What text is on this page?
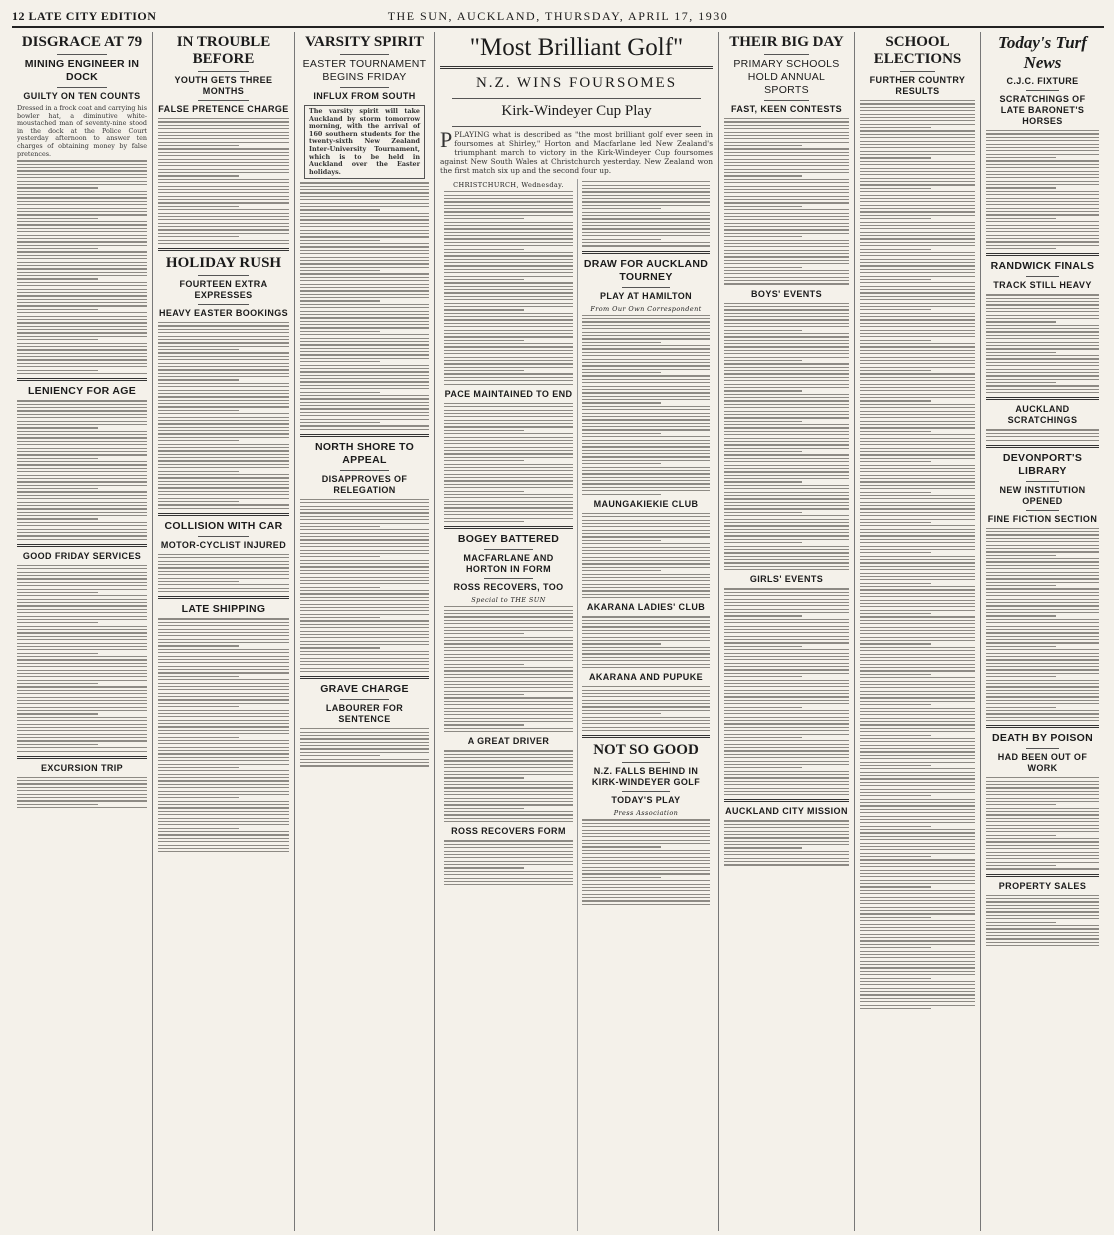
12 LATE CITY EDITION	THE SUN, AUCKLAND, THURSDAY, APRIL 17, 1930
DISGRACE AT 79
MINING ENGINEER IN DOCK
GUILTY ON TEN COUNTS

Dressed in a frock coat and carrying his bowler hat, a diminutive white-moustached man of seventy-nine stood in the dock at the Police Court yesterday afternoon to answer ten charges of obtaining money by false pretences.

LENIENCY FOR AGE
GOOD FRIDAY SERVICES
EXCURSION TRIP
IN TROUBLE BEFORE
YOUTH GETS THREE MONTHS
FALSE PRETENCE CHARGE
HOLIDAY RUSH
FOURTEEN EXTRA EXPRESSES
HEAVY EASTER BOOKINGS
COLLISION WITH CAR
MOTOR-CYCLIST INJURED
LATE SHIPPING
VARSITY SPIRIT
EASTER TOURNAMENT BEGINS FRIDAY
INFLUX FROM SOUTH

The varsity spirit will take Auckland by storm tomorrow morning, with the arrival of 160 southern students for the twenty-sixth New Zealand Inter-University Tournament, which is to be held in Auckland over the Easter holidays.

NORTH SHORE TO APPEAL
DISAPPROVES OF RELEGATION
GRAVE CHARGE
LABOURER FOR SENTENCE
"Most Brilliant Golf"
N.Z. WINS FOURSOMES
Kirk-Windeyer Cup Play

PPLAYING what is described as "the most brilliant golf ever seen in foursomes at Shirley," Horton and Macfarlane led New Zealand's triumphant march to victory in the Kirk-Windeyer Cup foursomes against New South Wales at Christchurch yesterday. New Zealand won the first match six up and the second four up.

CHRISTCHURCH, Wednesday.
PACE MAINTAINED TO END
BOGEY BATTERED
MACFARLANE AND HORTON IN FORM
ROSS RECOVERS, TOO
Special to THE SUN
A GREAT DRIVER
ROSS RECOVERS FORM
DRAW FOR AUCKLAND TOURNEY
PLAY AT HAMILTON
From Our Own Correspondent
MAUNGAKIEKIE CLUB
AKARANA LADIES' CLUB
AKARANA AND PUPUKE
NOT SO GOOD
N.Z. FALLS BEHIND IN KIRK-WINDEYER GOLF
TODAY'S PLAY
Press Association
THEIR BIG DAY
PRIMARY SCHOOLS HOLD ANNUAL SPORTS
FAST, KEEN CONTESTS
BOYS' EVENTS
GIRLS' EVENTS
AUCKLAND CITY MISSION
SCHOOL ELECTIONS
FURTHER COUNTRY RESULTS
Today's Turf News
C.J.C. FIXTURE
SCRATCHINGS OF LATE BARONET'S HORSES
RANDWICK FINALS
TRACK STILL HEAVY
AUCKLAND SCRATCHINGS
DEVONPORT'S LIBRARY
NEW INSTITUTION OPENED
FINE FICTION SECTION
DEATH BY POISON
HAD BEEN OUT OF WORK
PROPERTY SALES
